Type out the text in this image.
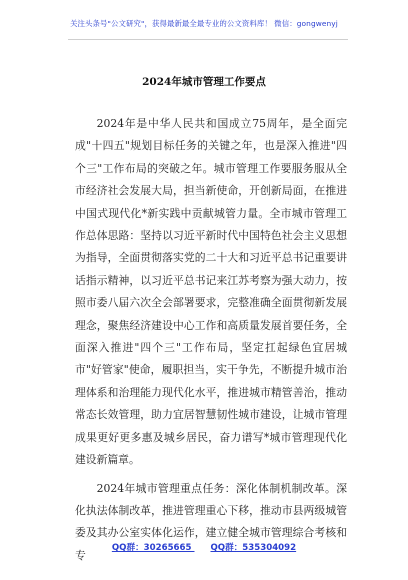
关注头条号"公文研究"，获得最新最全最专业的公文资料库！ 微信：gongwenyj
2024年城市管理工作要点

2024年是中华人民共和国成立75周年，是全面完成"十四五"规划目标任务的关键之年，也是深入推进"四个三"工作布局的突破之年。城市管理工作要服务服从全市经济社会发展大局，担当新使命，开创新局面，在推进中国式现代化*新实践中贡献城管力量。全市城市管理工作总体思路：坚持以习近平新时代中国特色社会主义思想为指导，全面贯彻落实党的二十大和习近平总书记重要讲话指示精神，以习近平总书记来江苏考察为强大动力，按照市委八届六次全会部署要求，完整准确全面贯彻新发展理念，聚焦经济建设中心工作和高质量发展首要任务，全面深入推进"四个三"工作布局，坚定扛起绿色宜居城市"好管家"使命，履职担当，实干争先，不断提升城市治理体系和治理能力现代化水平，推进城市精管善治，推动常态长效管理，助力宜居智慧韧性城市建设，让城市管理成果更好更多惠及城乡居民，奋力谱写*城市管理现代化建设新篇章。

2024年城市管理重点任务：深化体制机制改革。深化执法体制改革，推进管理重心下移，推动市县两级城管委及其办公室实体化运作，建立健全城市管理综合考核和专

QQ群：30265665 QQ群：535304092
